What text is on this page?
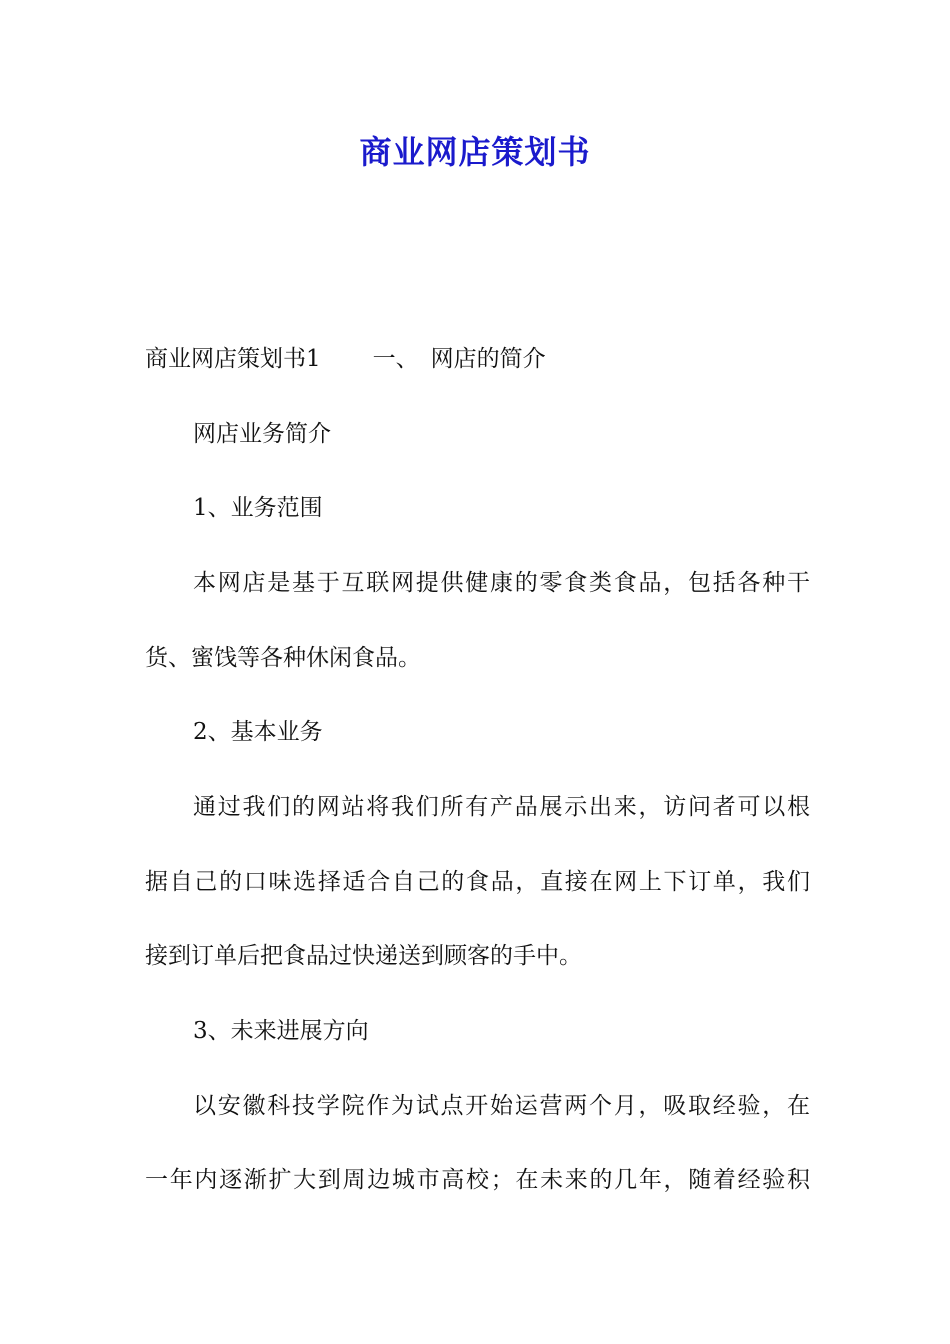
商业网店策划书

商业网店策划书1 一、 网店的简介

网店业务简介

1、业务范围

本网店是基于互联网提供健康的零食类食品，包括各种干

货、蜜饯等各种休闲食品。

2、基本业务

通过我们的网站将我们所有产品展示出来，访问者可以根

据自己的口味选择适合自己的食品，直接在网上下订单，我们

接到订单后把食品过快递送到顾客的手中。

3、未来进展方向

以安徽科技学院作为试点开始运营两个月，吸取经验，在

一年内逐渐扩大到周边城市高校；在未来的几年，随着经验积
